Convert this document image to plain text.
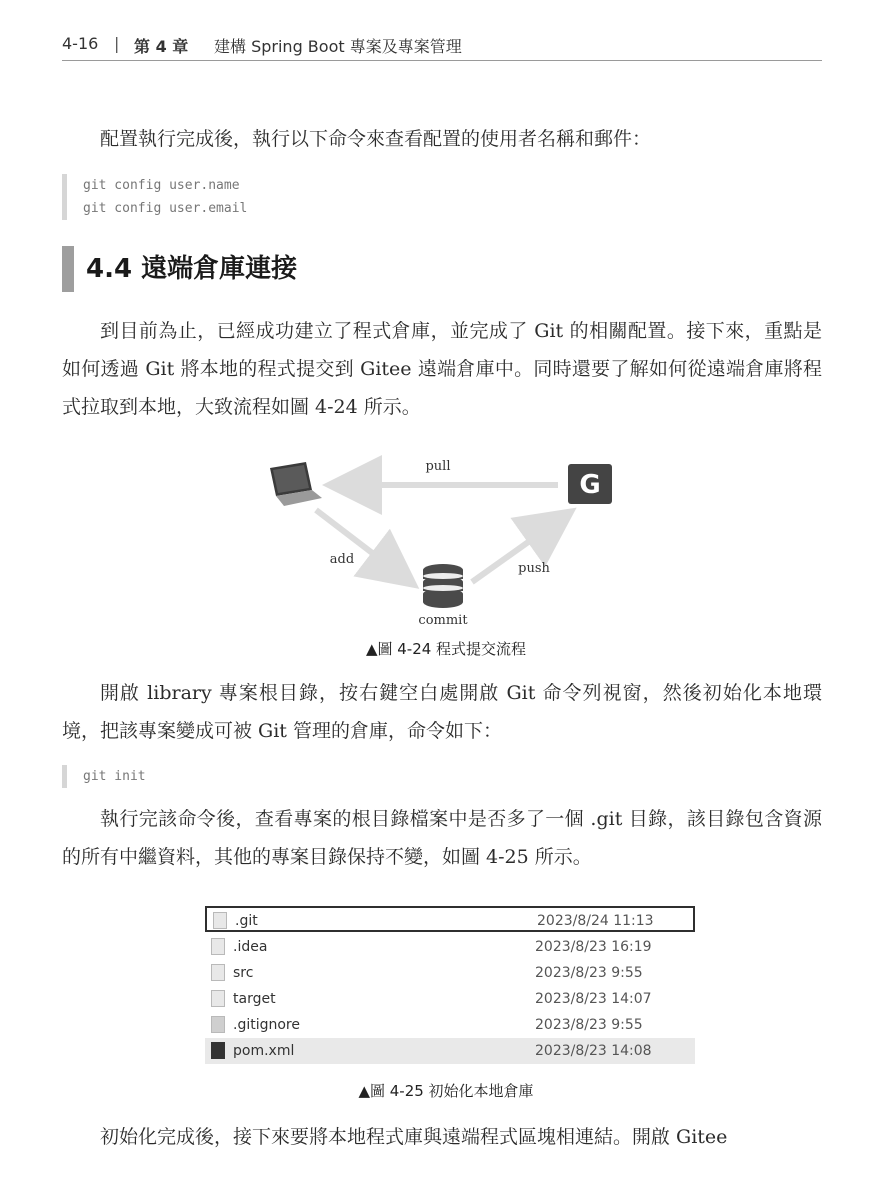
4-16 | 第 4 章 建構 Spring Boot 專案及專案管理

配置執行完成後，執行以下命令來查看配置的使用者名稱和郵件：

git config user.name
git config user.email
4.4 遠端倉庫連接

到目前為止，已經成功建立了程式倉庫，並完成了 Git 的相關配置。接下來，重點是如何透過 Git 將本地的程式提交到 Gitee 遠端倉庫中。同時還要了解如何從遠端倉庫將程式拉取到本地，大致流程如圖 4-24 所示。

G
pull
add
push
commit
▲圖 4-24 程式提交流程

開啟 library 專案根目錄，按右鍵空白處開啟 Git 命令列視窗，然後初始化本地環境，把該專案變成可被 Git 管理的倉庫，命令如下：

git init

執行完該命令後，查看專案的根目錄檔案中是否多了一個 .git 目錄，該目錄包含資源的所有中繼資料，其他的專案目錄保持不變，如圖 4-25 所示。

.git	2023/8/24 11:13
.idea	2023/8/23 16:19
src	2023/8/23 9:55
target	2023/8/23 14:07
.gitignore	2023/8/23 9:55
pom.xml	2023/8/23 14:08
▲圖 4-25 初始化本地倉庫

初始化完成後，接下來要將本地程式庫與遠端程式區塊相連結。開啟 Gitee
